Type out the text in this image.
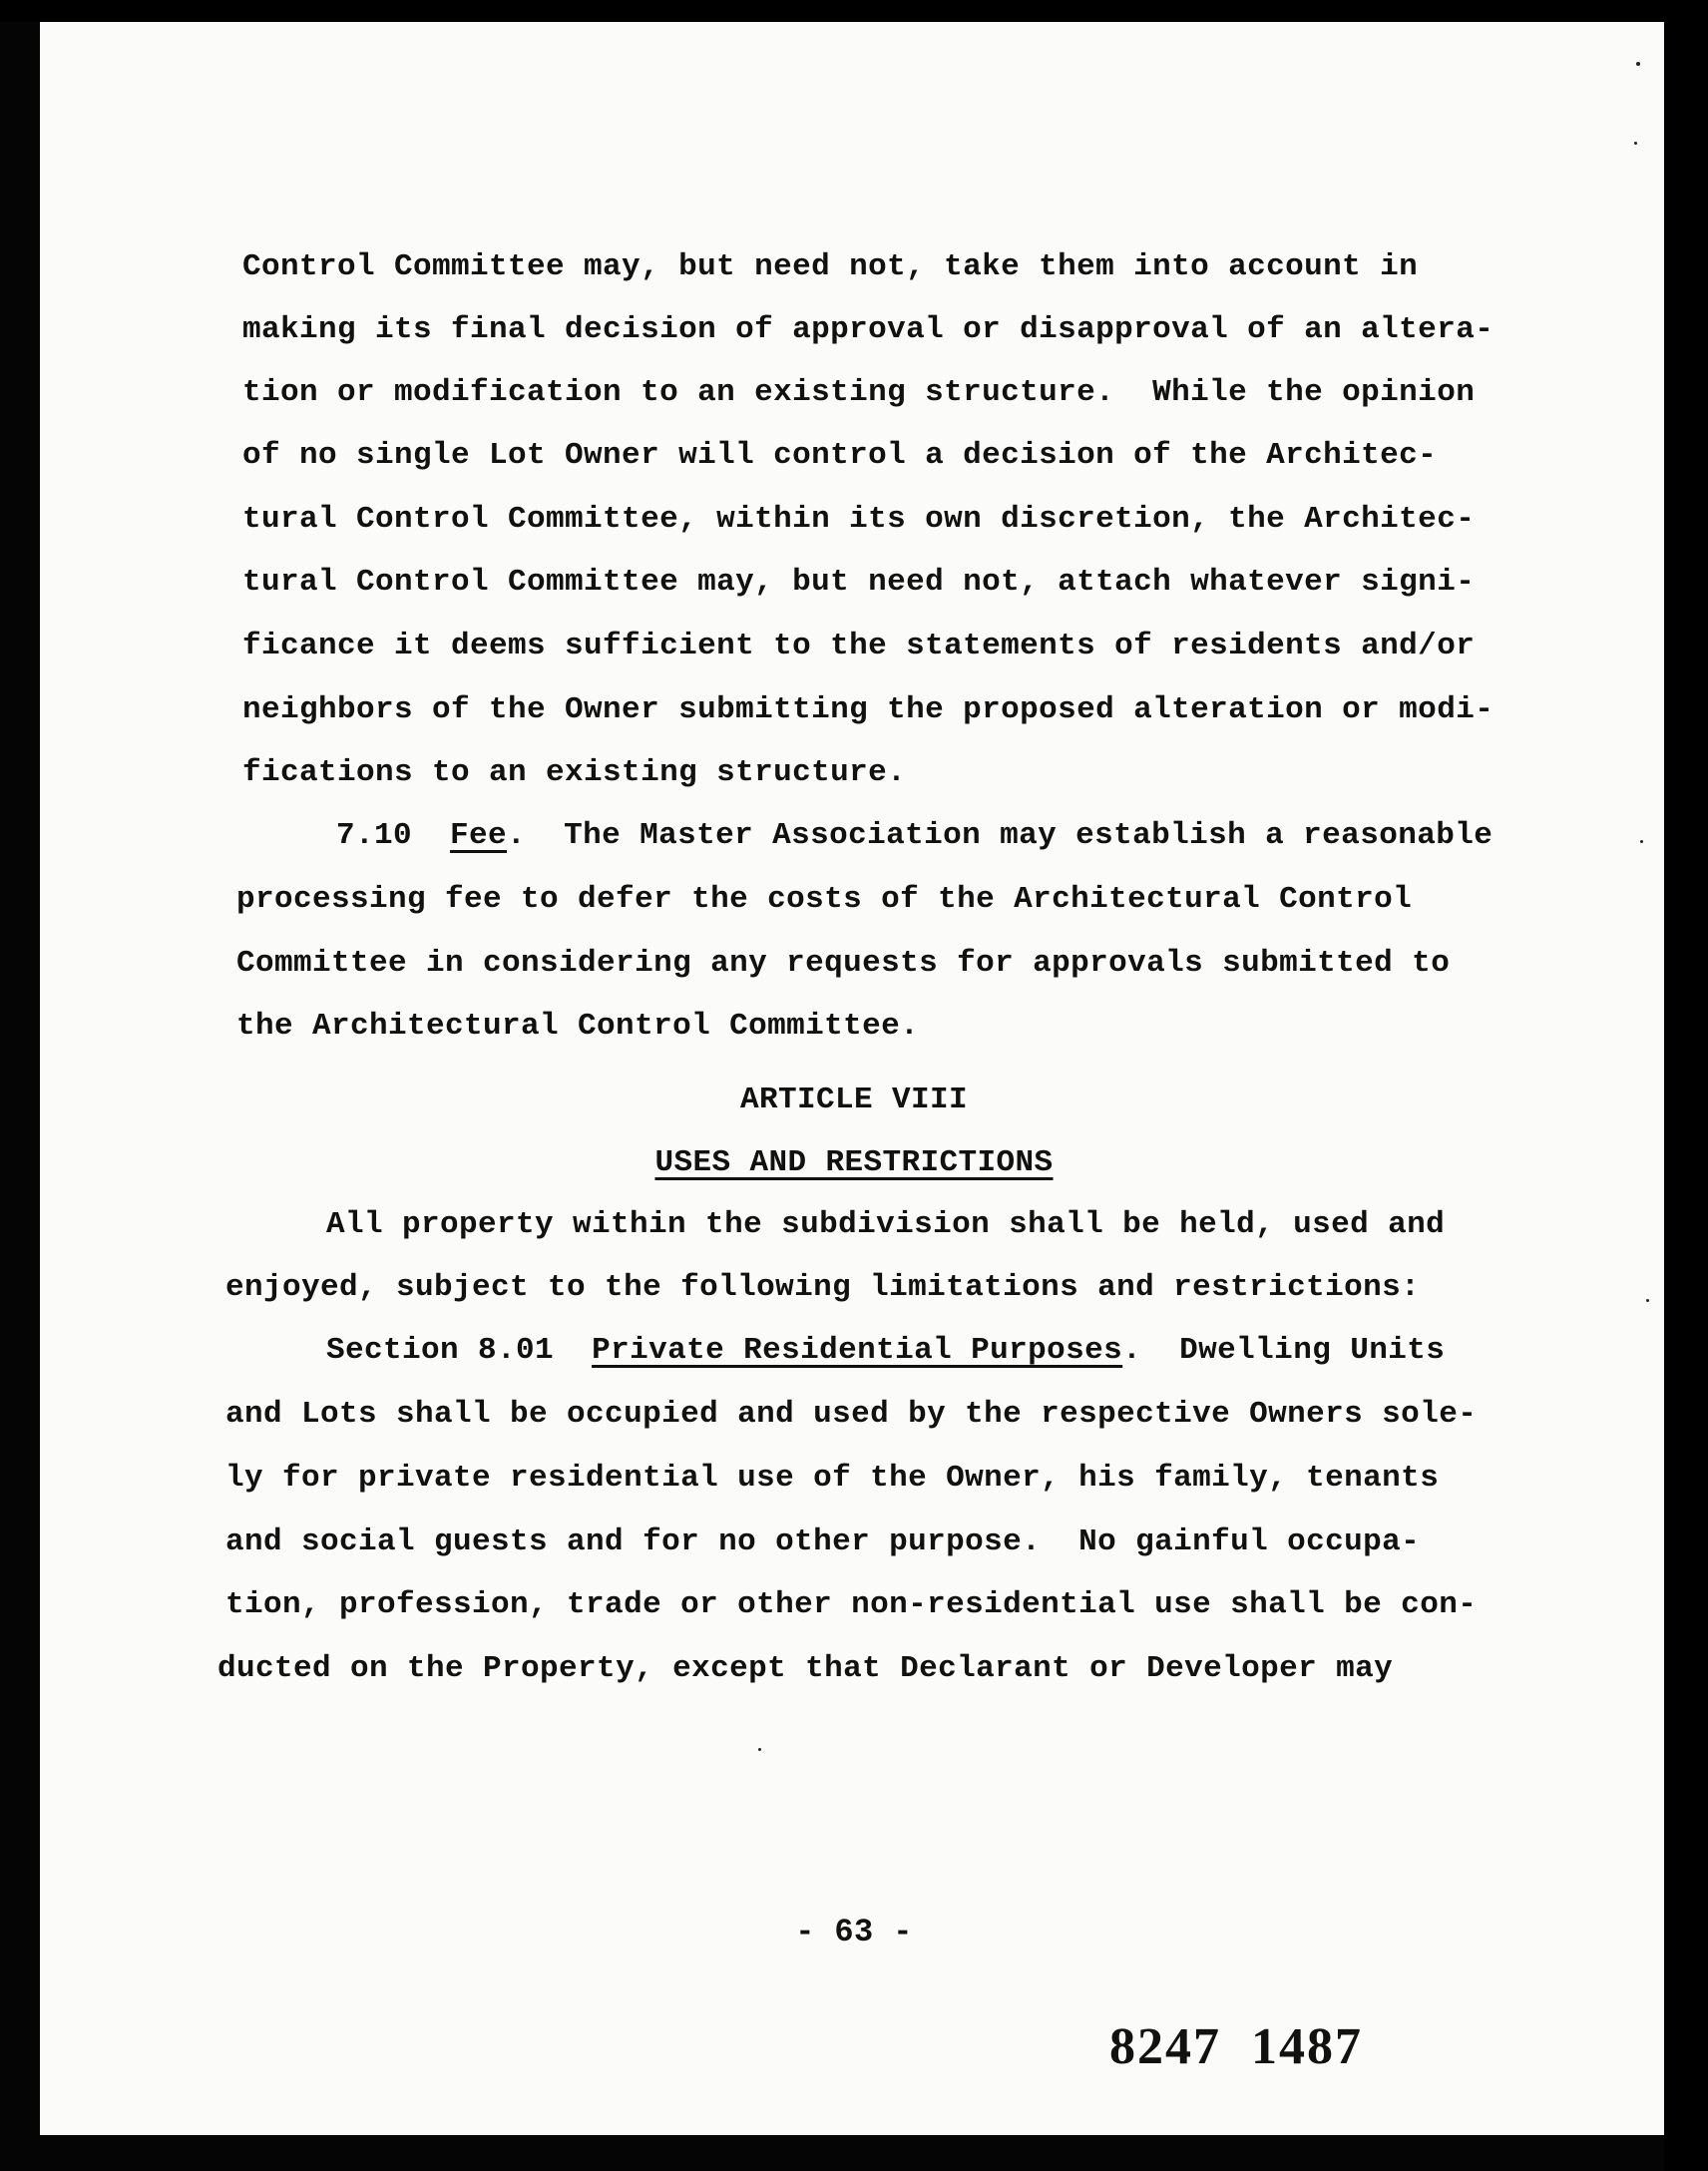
Control Committee may, but need not, take them into account in
making its final decision of approval or disapproval of an altera-
tion or modification to an existing structure.  While the opinion
of no single Lot Owner will control a decision of the Architec-
tural Control Committee, within its own discretion, the Architec-
tural Control Committee may, but need not, attach whatever signi-
ficance it deems sufficient to the statements of residents and/or
neighbors of the Owner submitting the proposed alteration or modi-
fications to an existing structure.
7.10 Fee.  The Master Association may establish a reasonable
processing fee to defer the costs of the Architectural Control
Committee in considering any requests for approvals submitted to
the Architectural Control Committee.
ARTICLE VIII
USES AND RESTRICTIONS
All property within the subdivision shall be held, used and
enjoyed, subject to the following limitations and restrictions:
Section 8.01 Private Residential Purposes.  Dwelling Units
and Lots shall be occupied and used by the respective Owners sole-
ly for private residential use of the Owner, his family, tenants
and social guests and for no other purpose.  No gainful occupa-
tion, profession, trade or other non-residential use shall be con-
ducted on the Property, except that Declarant or Developer may
- 63 -
8247  1487
